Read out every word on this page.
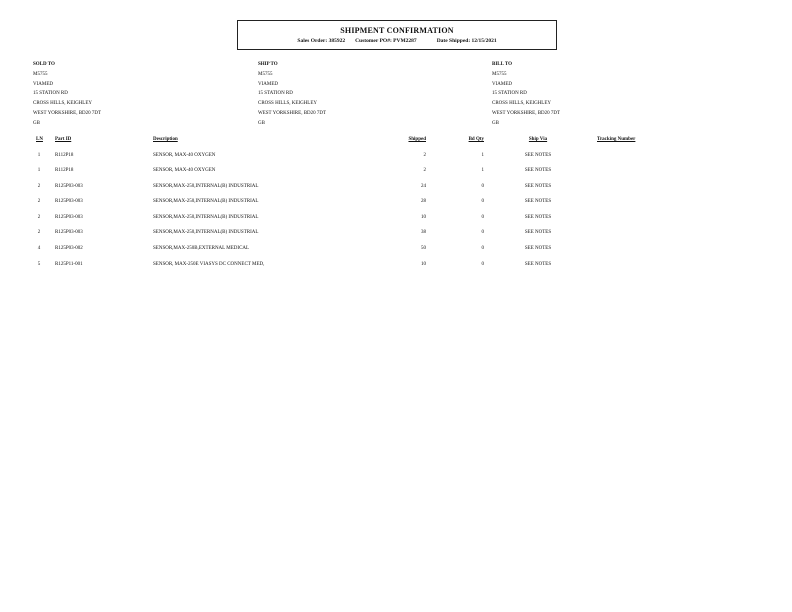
SHIPMENT CONFIRMATION
Sales Order: 385922 Customer PO#: PVM2287	Date Shipped: 12/15/2021
SOLD TO
M5755
VIAMED
15 STATION RD
CROSS HILLS, KEIGHLEY
WEST YORKSHIRE, BD20 7DT
GB
SHIP TO
M5755
VIAMED
15 STATION RD
CROSS HILLS, KEIGHLEY
WEST YORKSHIRE, BD20 7DT
GB
BILL TO
M5755
VIAMED
15 STATION RD
CROSS HILLS, KEIGHLEY
WEST YORKSHIRE, BD20 7DT
GB
LN Part ID	Description	Shipped	Bd Qty	Ship Via	Tracking Number
1	R112P18	SENSOR, MAX-40 OXYGEN	2	1	SEE NOTES
1	R112P18	SENSOR, MAX-40 OXYGEN	2	1	SEE NOTES
2	R125P03-003	SENSOR,MAX-250,INTERNAL(B) INDUSTRIAL	24	0	SEE NOTES
2	R125P03-003	SENSOR,MAX-250,INTERNAL(B) INDUSTRIAL	28	0	SEE NOTES
2	R125P03-003	SENSOR,MAX-250,INTERNAL(B) INDUSTRIAL	10	0	SEE NOTES
2	R125P03-003	SENSOR,MAX-250,INTERNAL(B) INDUSTRIAL	38	0	SEE NOTES
4	R125P03-002	SENSOR,MAX-250B,EXTERNAL MEDICAL	50	0	SEE NOTES
5	R125P11-001	SENSOR, MAX-250E VIASYS DC CONNECT MED,	10	0	SEE NOTES
